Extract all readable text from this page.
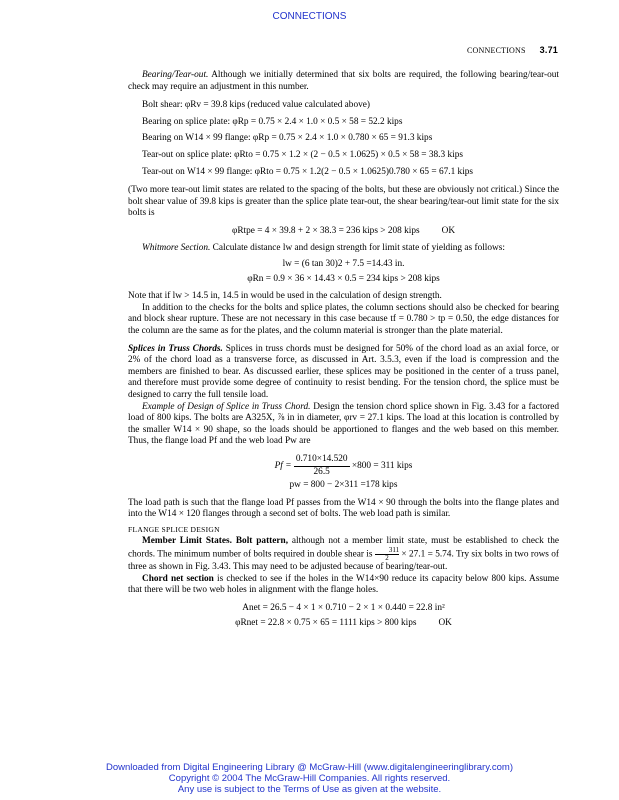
CONNECTIONS
CONNECTIONS 3.71

Bearing/Tear-out. Although we initially determined that six bolts are required, the following bearing/tear-out check may require an adjustment in this number.

Bolt shear: φRv = 39.8 kips (reduced value calculated above)

Bearing on splice plate: φRp = 0.75 × 2.4 × 1.0 × 0.5 × 58 = 52.2 kips

Bearing on W14 × 99 flange: φRp = 0.75 × 2.4 × 1.0 × 0.780 × 65 = 91.3 kips

Tear-out on splice plate: φRto = 0.75 × 1.2 × (2 − 0.5 × 1.0625) × 0.5 × 58 = 38.3 kips

Tear-out on W14 × 99 flange: φRto = 0.75 × 1.2(2 − 0.5 × 1.0625)0.780 × 65 = 67.1 kips

(Two more tear-out limit states are related to the spacing of the bolts, but these are obviously not critical.) Since the bolt shear value of 39.8 kips is greater than the splice plate tear-out, the shear bearing/tear-out limit state for the six bolts is

φRtpe = 4 × 39.8 + 2 × 38.3 = 236 kips > 208 kips OK

Whitmore Section. Calculate distance lw and design strength for limit state of yielding as follows:

lw = (6 tan 30)2 + 7.5 =14.43 in.

φRn = 0.9 × 36 × 14.43 × 0.5 = 234 kips > 208 kips

Note that if lw > 14.5 in, 14.5 in would be used in the calculation of design strength.

In addition to the checks for the bolts and splice plates, the column sections should also be checked for bearing and block shear rupture. These are not necessary in this case because tf = 0.780 > tp = 0.50, the edge distances for the column are the same as for the plates, and the column material is stronger than the plate material.

Splices in Truss Chords. Splices in truss chords must be designed for 50% of the chord load as an axial force, or 2% of the chord load as a transverse force, as discussed in Art. 3.5.3, even if the load is compression and the members are finished to bear. As discussed earlier, these splices may be positioned in the center of a truss panel, and therefore must provide some degree of continuity to resist bending. For the tension chord, the splice must be designed to carry the full tensile load.

Example of Design of Splice in Truss Chord. Design the tension chord splice shown in Fig. 3.43 for a factored load of 800 kips. The bolts are A325X, ⅞ in in diameter, φrv = 27.1 kips. The load at this location is controlled by the smaller W14 × 90 shape, so the loads should be apportioned to flanges and the web based on this member. Thus, the flange load Pf and the web load Pw are

$Pf = \frac{0.710\times 14.520}{26.5} \times 800 = 311$ kips

pw = 800 − 2×311 =178 kips

The load path is such that the flange load Pf passes from the W14 × 90 through the bolts into the flange plates and into the W14 × 120 flanges through a second set of bolts. The web load path is similar.

FLANGE SPLICE DESIGN

Member Limit States. Bolt pattern, although not a member limit state, must be established to check the chords. The minimum number of bolts required in double shear is $\frac{311}{2} \times 27.1 = 5.74$. Try six bolts in two rows of three as shown in Fig. 3.43. This may need to be adjusted because of bearing/tear-out.

Chord net section is checked to see if the holes in the W14×90 reduce its capacity below 800 kips. Assume that there will be two web holes in alignment with the flange holes.

Anet = 26.5 − 4 × 1 × 0.710 − 2 × 1 × 0.440 = 22.8 in²

φRnet = 22.8 × 0.75 × 65 = 1111 kips > 800 kips OK

Downloaded from Digital Engineering Library @ McGraw-Hill (www.digitalengineeringlibrary.com)
Copyright © 2004 The McGraw-Hill Companies. All rights reserved.
Any use is subject to the Terms of Use as given at the website.
